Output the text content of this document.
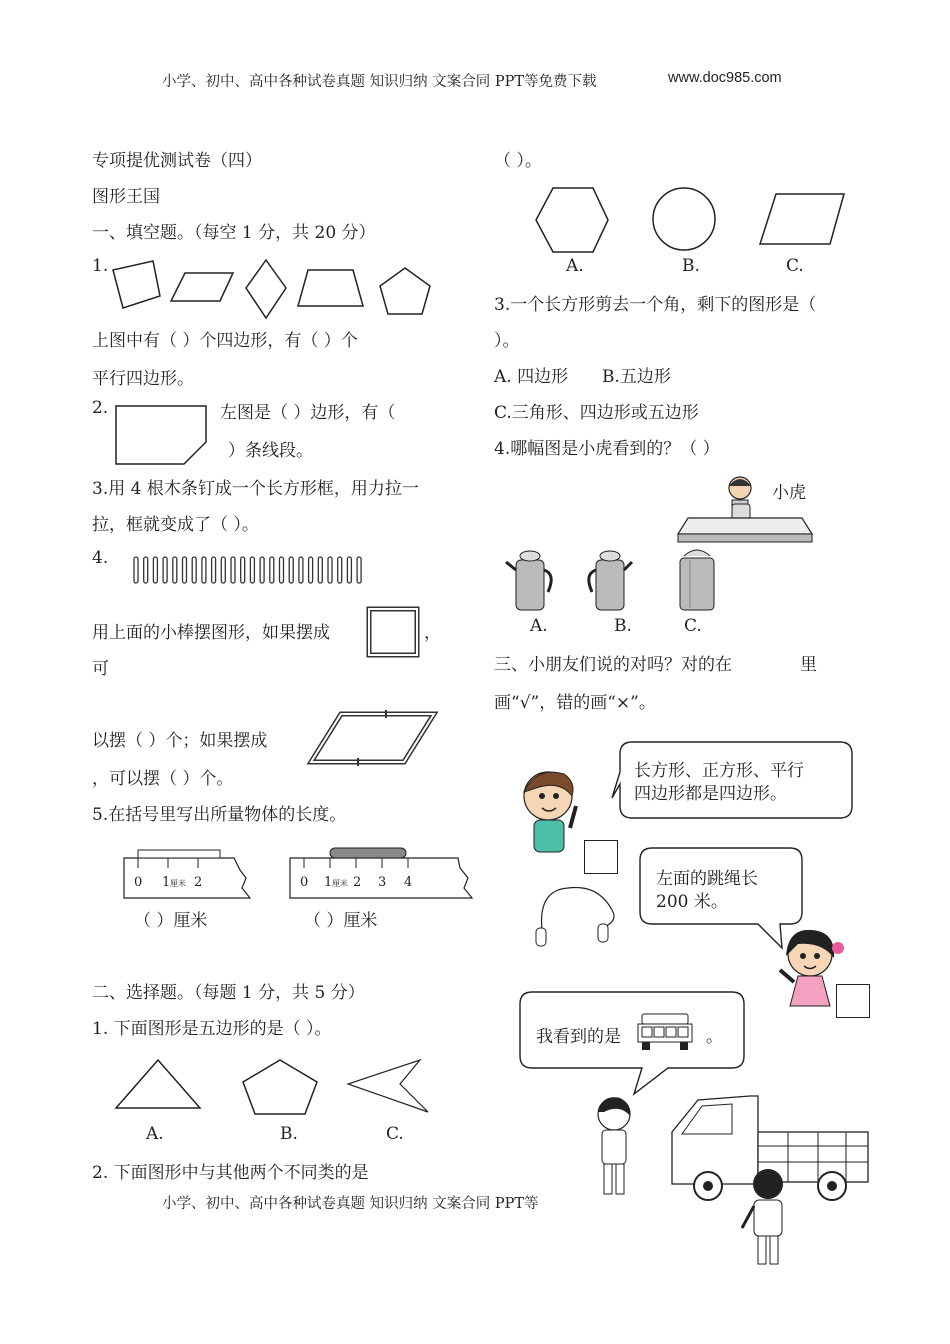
小学、初中、高中各种试卷真题 知识归纳 文案合同 PPT等免费下载	www.doc985.com
专项提优测试卷（四）
图形王国
一、填空题。（每空 1 分，共 20 分）
1.
上图中有（ ）个四边形，有（ ）个
平行四边形。
2.	左图是（ ）边形，有（
）条线段。
3.用 4 根木条钉成一个长方形框，用力拉一
拉，框就变成了（ ）。
4.
用上面的小棒摆图形，如果摆成	，
可
以摆（ ）个；如果摆成
，可以摆（ ）个。
5.在括号里写出所量物体的长度。
0 1 厘米 2	0 1 厘米 2 3 4
（ ）厘米	（ ）厘米
二、选择题。（每题 1 分，共 5 分）
1. 下面图形是五边形的是（ ）。
A.	B.	C.
2. 下面图形中与其他两个不同类的是
小学、初中、高中各种试卷真题 知识归纳 文案合同 PPT等
（ ）。
A.	B.	C.
3.一个长方形剪去一个角，剩下的图形是（
）。
A. 四边形 B.五边形
C.三角形、四边形或五边形
4.哪幅图是小虎看到的？（ ）
小虎
A.	B.	C.
三、小朋友们说的对吗？对的在	里
画“√”，错的画“×”。
长方形、正方形、平行
四边形都是四边形。
左面的跳绳长
200 米。
我看到的是	。
